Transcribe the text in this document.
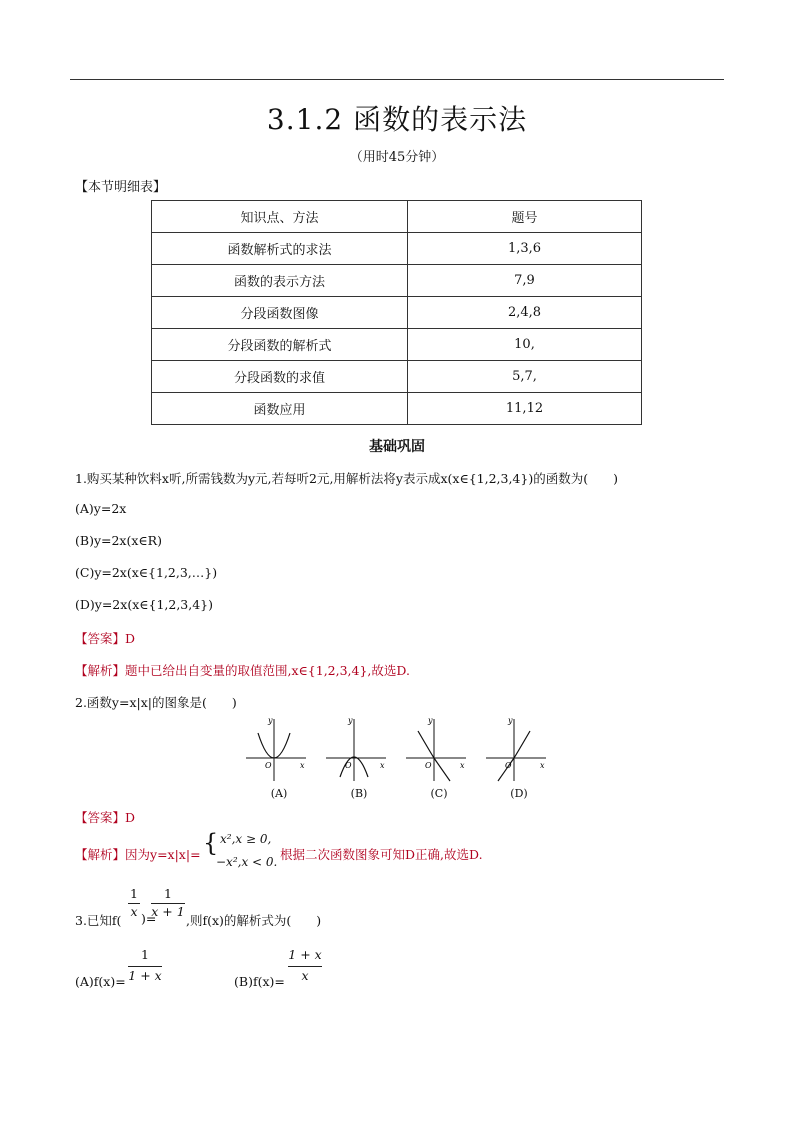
3.1.2 函数的表示法
（用时45分钟）
【本节明细表】
知识点、方法	题号
函数解析式的求法	1,3,6
函数的表示方法	7,9
分段函数图像	2,4,8
分段函数的解析式	10,
分段函数的求值	5,7,
函数应用	11,12
基础巩固
1.购买某种饮料x听,所需钱数为y元,若每听2元,用解析法将y表示成x(x∈{1,2,3,4})的函数为(　　)
(A)y=2x
(B)y=2x(x∈R)
(C)y=2x(x∈{1,2,3,…})
(D)y=2x(x∈{1,2,3,4})
【答案】D
【解析】题中已给出自变量的取值范围,x∈{1,2,3,4},故选D.
2.函数y=x|x|的图象是(　　)
y
x
O
(A)
y
x
O
(B)
y
x
O
(C)
y
x
O
(D)
【答案】D
【解析】因为y=x|x|= { x²,x ≥ 0,
−x²,x < 0. 根据二次函数图象可知D正确,故选D.
1
x
1
x + 1
3.已知f( )= ,则f(x)的解析式为(　　)
(A)f(x)=
1
1 + x	(B)f(x)=
1 + x
x
